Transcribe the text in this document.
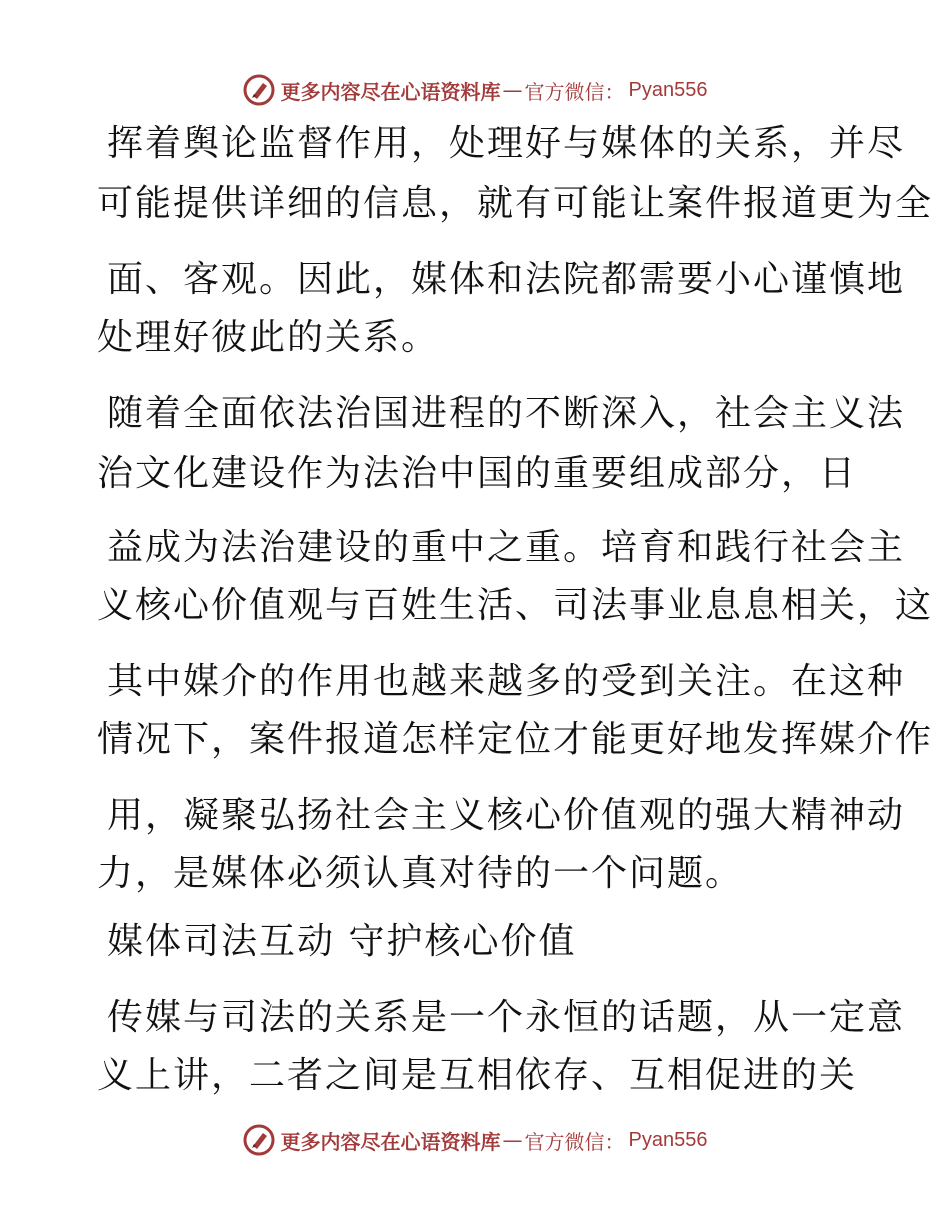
更多内容尽在心语资料库 — 官方微信： Pyan556
挥着舆论监督作用，处理好与媒体的关系，并尽
可能提供详细的信息，就有可能让案件报道更为全
面、客观。因此，媒体和法院都需要小心谨慎地
处理好彼此的关系。
随着全面依法治国进程的不断深入，社会主义法
治文化建设作为法治中国的重要组成部分，日
益成为法治建设的重中之重。培育和践行社会主
义核心价值观与百姓生活、司法事业息息相关，这
其中媒介的作用也越来越多的受到关注。在这种
情况下，案件报道怎样定位才能更好地发挥媒介作
用，凝聚弘扬社会主义核心价值观的强大精神动
力，是媒体必须认真对待的一个问题。
媒体司法互动 守护核心价值
传媒与司法的关系是一个永恒的话题，从一定意
义上讲，二者之间是互相依存、互相促进的关
更多内容尽在心语资料库 — 官方微信： Pyan556
